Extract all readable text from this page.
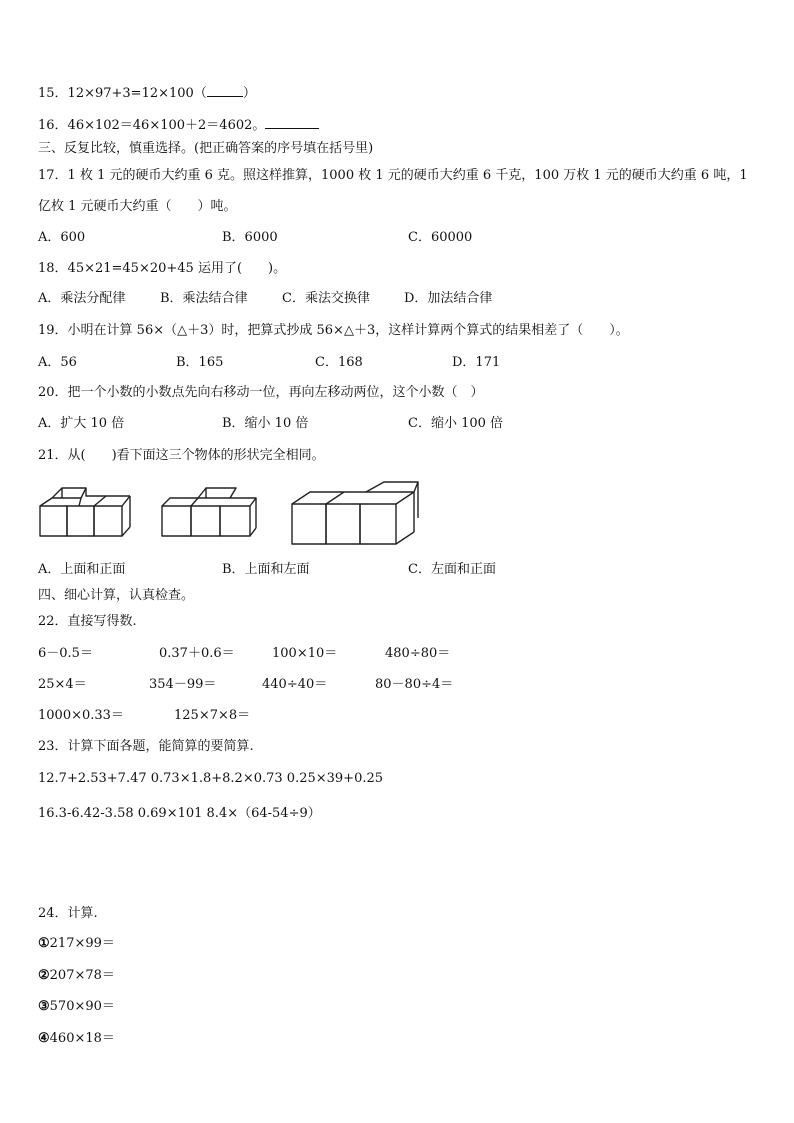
15．12×97+3=12×100（	）
16．46×102＝46×100＋2＝4602。
三、反复比较，慎重选择。(把正确答案的序号填在括号里)
17．1 枚 1 元的硬币大约重 6 克。照这样推算，1000 枚 1 元的硬币大约重 6 千克，100 万枚 1 元的硬币大约重 6 吨，1
亿枚 1 元硬币大约重（　　）吨。
A．600	B．6000	C．60000
18．45×21=45×20+45 运用了(　　)。
A．乘法分配律	B．乘法结合律	C．乘法交换律	D．加法结合律
19．小明在计算 56×（△＋3）时，把算式抄成 56×△＋3，这样计算两个算式的结果相差了（　　）。
A．56	B．165	C．168	D．171
20．把一个小数的小数点先向右移动一位，再向左移动两位，这个小数（　）
A．扩大 10 倍	B．缩小 10 倍	C．缩小 100 倍
21．从(　　)看下面这三个物体的形状完全相同。
A．上面和正面	B．上面和左面	C．左面和正面
四、细心计算，认真检查。
22．直接写得数.
6－0.5＝	0.37＋0.6＝	100×10＝	480÷80＝
25×4＝	354－99＝	440÷40＝	80－80÷4＝
1000×0.33＝	125×7×8＝
23．计算下面各题，能简算的要简算.
12.7+2.53+7.47 0.73×1.8+8.2×0.73 0.25×39+0.25
16.3-6.42-3.58 0.69×101 8.4×（64-54÷9）
24．计算.
①217×99＝
②207×78＝
③570×90＝
④460×18＝
